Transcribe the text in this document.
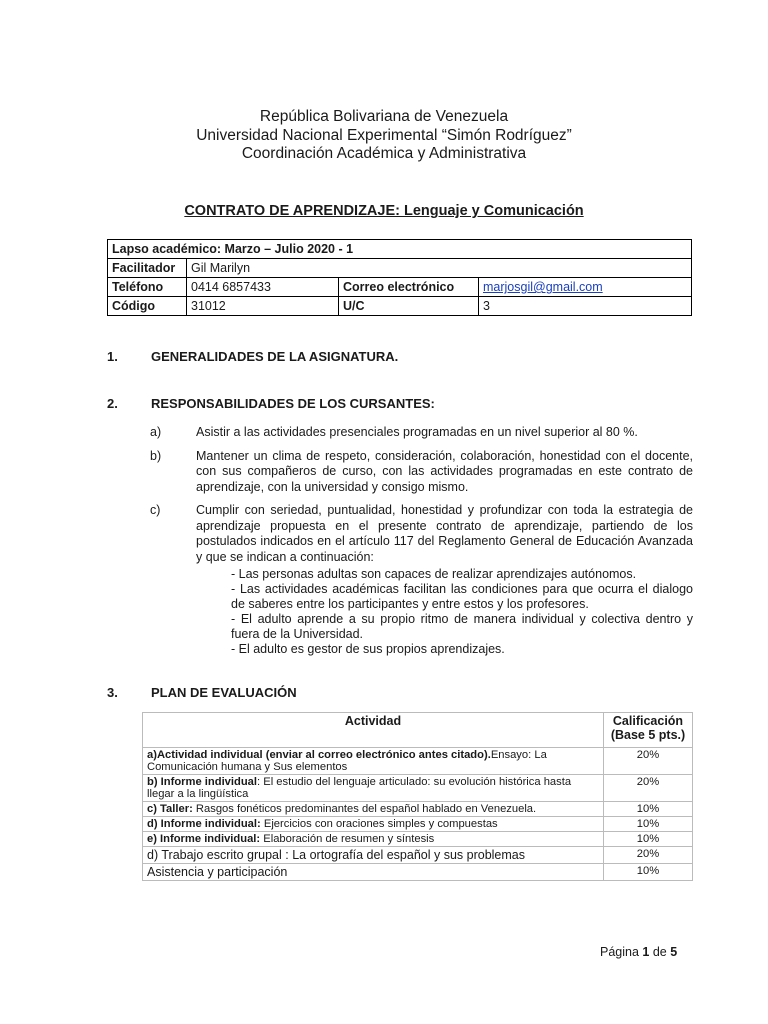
República Bolivariana de Venezuela
Universidad Nacional Experimental “Simón Rodríguez”
Coordinación Académica y Administrativa
CONTRATO DE APRENDIZAJE: Lenguaje y Comunicación
Lapso académico: Marzo – Julio 2020 - 1			
Facilitador	Gil Marilyn		
Teléfono	0414 6857433	Correo electrónico	marjosgil@gmail.com
Código	31012	U/C	3
1.	GENERALIDADES DE LA ASIGNATURA.
2.	RESPONSABILIDADES DE LOS CURSANTES:
a)	Asistir a las actividades presenciales programadas en un nivel superior al 80 %.
b)	Mantener un clima de respeto, consideración, colaboración, honestidad con el docente, con sus compañeros de curso, con las actividades programadas en este contrato de aprendizaje, con la universidad y consigo mismo.
c)	Cumplir con seriedad, puntualidad, honestidad y profundizar con toda la estrategia de aprendizaje propuesta en el presente contrato de aprendizaje, partiendo de los postulados indicados en el artículo 117 del Reglamento General de Educación Avanzada y que se indican a continuación:
- Las personas adultas son capaces de realizar aprendizajes autónomos.
- Las actividades académicas facilitan las condiciones para que ocurra el dialogo de saberes entre los participantes y entre estos y los profesores.
- El adulto aprende a su propio ritmo de manera individual y colectiva dentro y fuera de la Universidad.
- El adulto es gestor de sus propios aprendizajes.
3.	PLAN DE EVALUACIÓN
Actividad	Calificación
(Base 5 pts.)

a)Actividad individual (enviar al correo electrónico antes citado).Ensayo: La Comunicación humana y Sus elementos	20%
b) Informe individual: El estudio del lenguaje articulado: su evolución histórica hasta llegar a la lingüística	20%
c) Taller: Rasgos fonéticos predominantes del español hablado en Venezuela.	10%
d) Informe individual: Ejercicios con oraciones simples y compuestas	10%
e) Informe individual: Elaboración de resumen y síntesis	10%
d) Trabajo escrito grupal : La ortografía del español y sus problemas	20%
Asistencia y participación	10%
Página 1 de 5
